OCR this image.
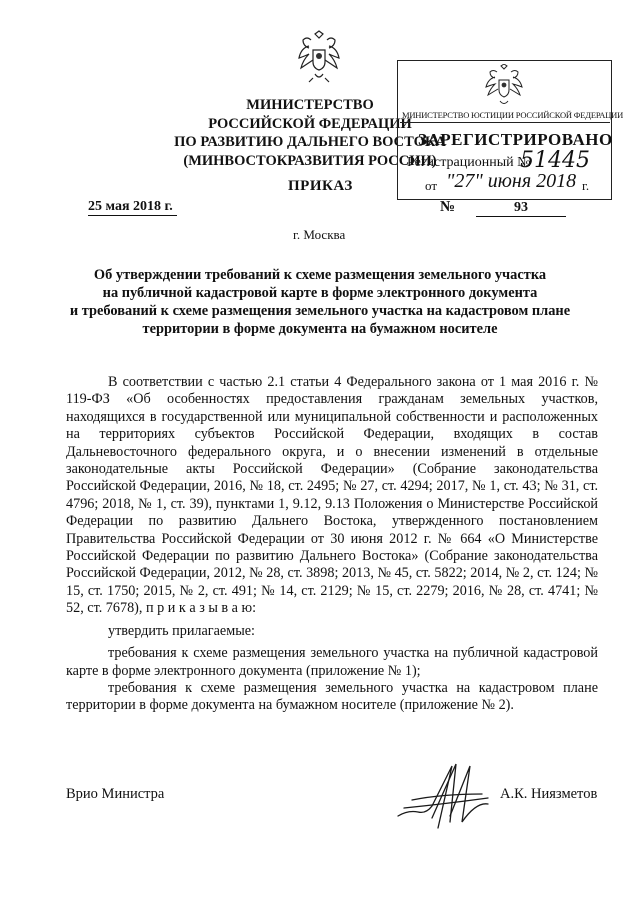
МИНИСТЕРСТВО
РОССИЙСКОЙ ФЕДЕРАЦИИ
ПО РАЗВИТИЮ ДАЛЬНЕГО ВОСТОКА
(МИНВОСТОКРАЗВИТИЯ РОССИИ)
ПРИКАЗ
25 мая 2018 г.	№	93
г. Москва
Об утверждении требований к схеме размещения земельного участка
на публичной кадастровой карте в форме электронного документа
и требований к схеме размещения земельного участка на кадастровом плане
территории в форме документа на бумажном носителе

В соответствии с частью 2.1 статьи 4 Федерального закона от 1 мая 2016 г. № 119-ФЗ «Об особенностях предоставления гражданам земельных участков, находящихся в государственной или муниципальной собственности и расположенных на территориях субъектов Российской Федерации, входящих в состав Дальневосточного федерального округа, и о внесении изменений в отдельные законодательные акты Российской Федерации» (Собрание законодательства Российской Федерации, 2016, № 18, ст. 2495; № 27, ст. 4294; 2017, № 1, ст. 43; № 31, ст. 4796; 2018, № 1, ст. 39), пунктами 1, 9.12, 9.13 Положения о Министерстве Российской Федерации по развитию Дальнего Востока, утвержденного постановлением Правительства Российской Федерации от 30 июня 2012 г. № 664 «О Министерстве Российской Федерации по развитию Дальнего Востока» (Собрание законодательства Российской Федерации, 2012, № 28, ст. 3898; 2013, № 45, ст. 5822; 2014, № 2, ст. 124; № 15, ст. 1750; 2015, № 2, ст. 491; № 14, ст. 2129; № 15, ст. 2279; 2016, № 28, ст. 4741; № 52, ст. 7678), п р и к а з ы в а ю:

утвердить прилагаемые:

требования к схеме размещения земельного участка на публичной кадастровой карте в форме электронного документа (приложение № 1);

требования к схеме размещения земельного участка на кадастровом плане территории в форме документа на бумажном носителе (приложение № 2).

Врио Министра	А.К. Ниязметов
МИНИСТЕРСТВО ЮСТИЦИИ РОССИЙСКОЙ ФЕДЕРАЦИИ
ЗАРЕГИСТРИРОВАНО
Регистрационный №
51445
от "27" июня 2018 г.
